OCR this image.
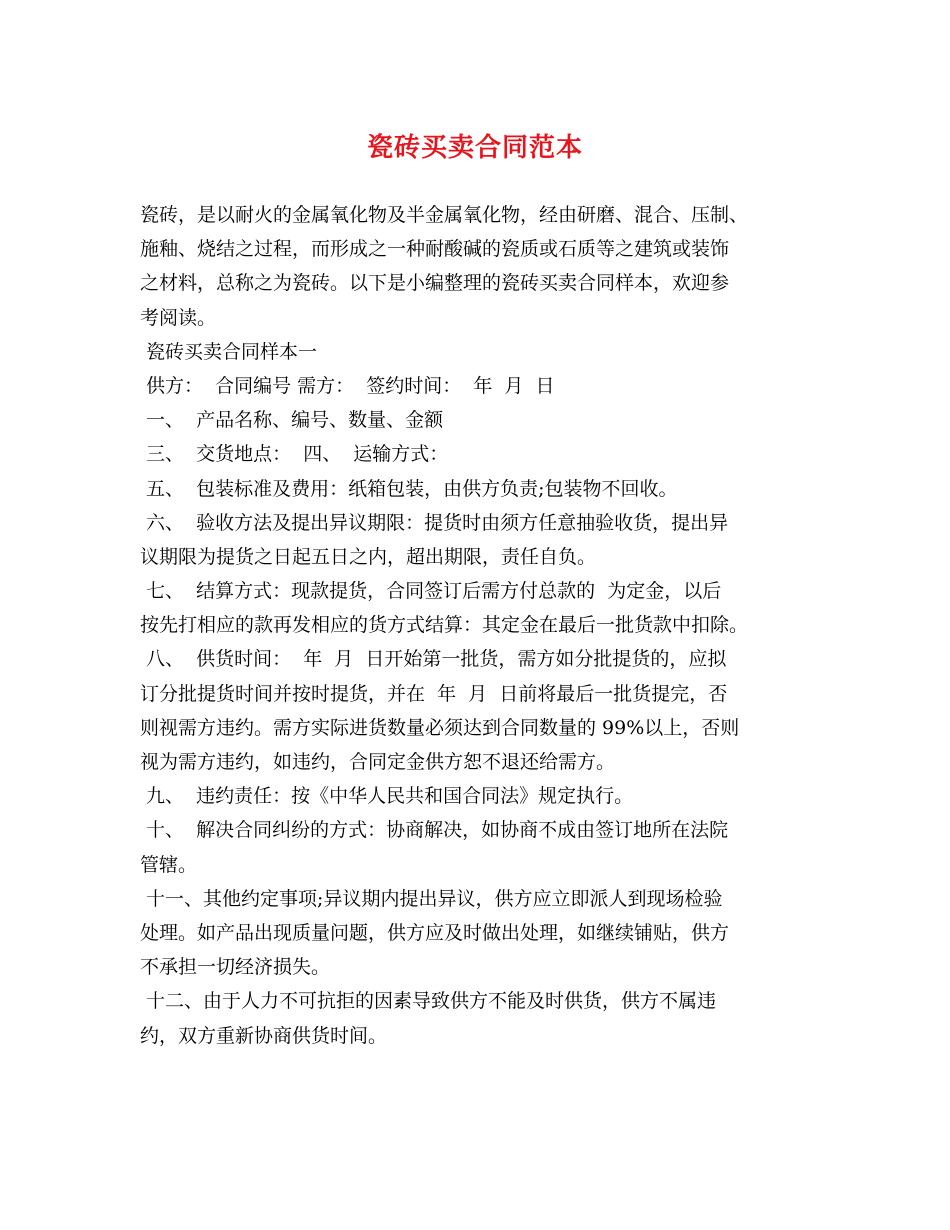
瓷砖买卖合同范本
瓷砖，是以耐火的金属氧化物及半金属氧化物，经由研磨、混合、压制、
施釉、烧结之过程，而形成之一种耐酸碱的瓷质或石质等之建筑或装饰
之材料，总称之为瓷砖。以下是小编整理的瓷砖买卖合同样本，欢迎参
考阅读。
瓷砖买卖合同样本一
供方：  合同编号 需方：  签约时间：  年  月  日
一、  产品名称、编号、数量、金额
三、  交货地点：  四、  运输方式：
五、  包装标准及费用：纸箱包装，由供方负责;包装物不回收。
六、  验收方法及提出异议期限：提货时由须方任意抽验收货，提出异
议期限为提货之日起五日之内，超出期限，责任自负。
七、  结算方式：现款提货，合同签订后需方付总款的  为定金，以后
按先打相应的款再发相应的货方式结算：其定金在最后一批货款中扣除。
八、  供货时间：  年  月  日开始第一批货，需方如分批提货的，应拟
订分批提货时间并按时提货，并在  年  月  日前将最后一批货提完，否
则视需方违约。需方实际进货数量必须达到合同数量的 99%以上，否则
视为需方违约，如违约，合同定金供方恕不退还给需方。
九、  违约责任：按《中华人民共和国合同法》规定执行。
十、  解决合同纠纷的方式：协商解决，如协商不成由签订地所在法院
管辖。
十一、其他约定事项;异议期内提出异议，供方应立即派人到现场检验
处理。如产品出现质量问题，供方应及时做出处理，如继续铺贴，供方
不承担一切经济损失。
十二、由于人力不可抗拒的因素导致供方不能及时供货，供方不属违
约，双方重新协商供货时间。
